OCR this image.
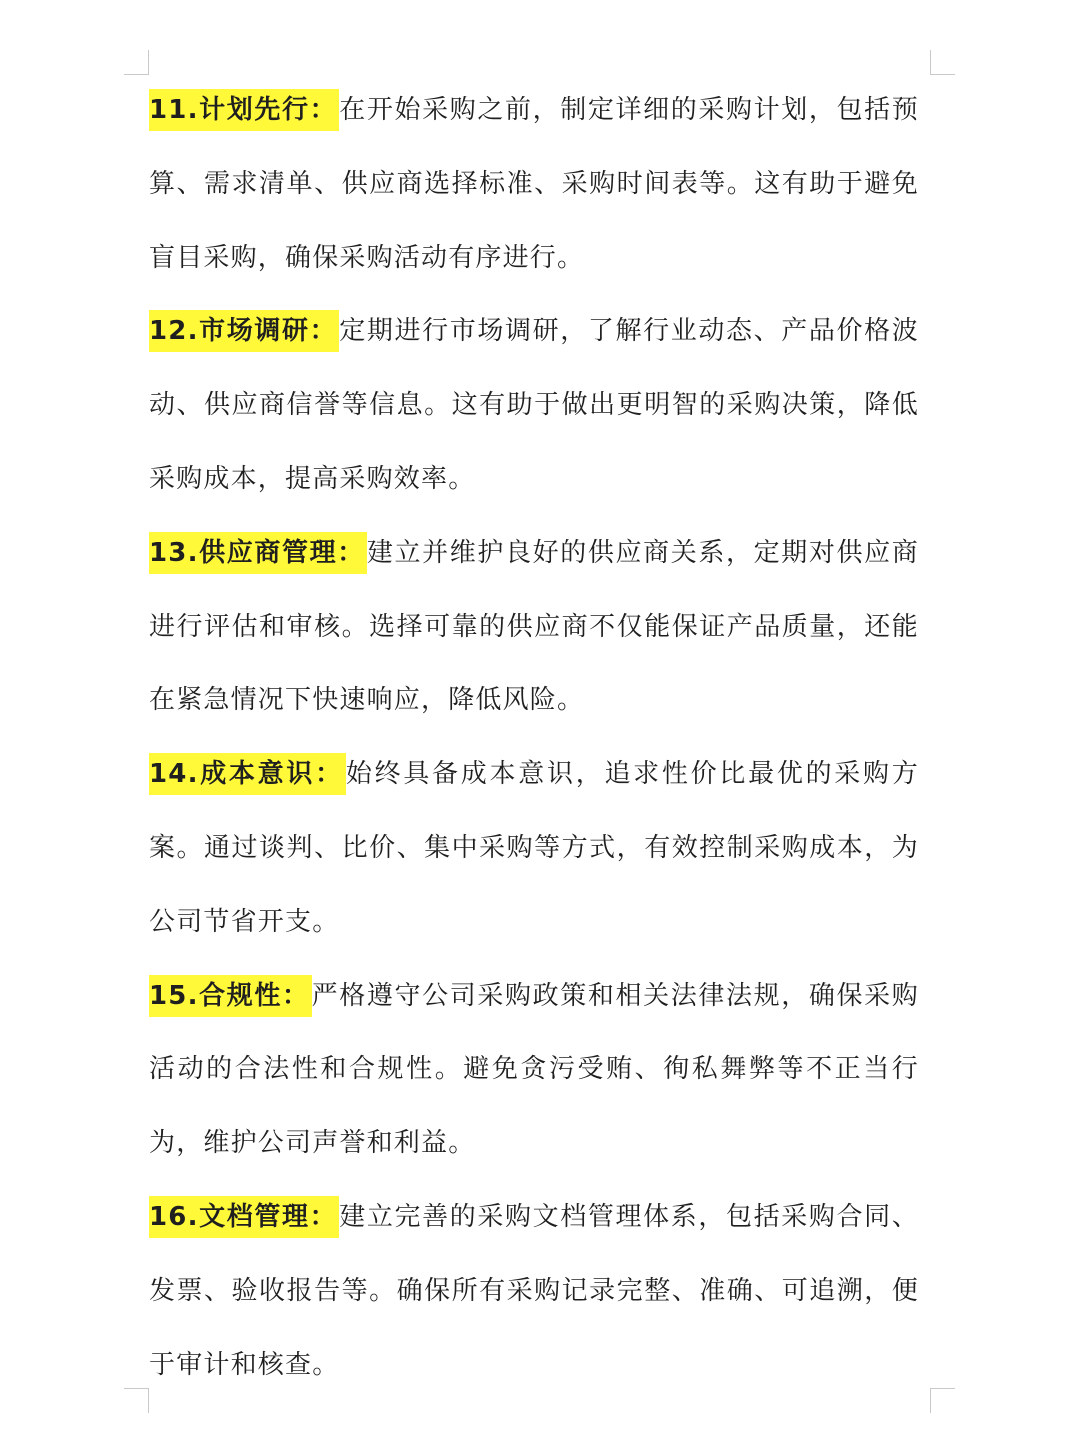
11.计划先行：在开始采购之前，制定详细的采购计划，包括预算、需求清单、供应商选择标准、采购时间表等。这有助于避免盲目采购，确保采购活动有序进行。

12.市场调研：定期进行市场调研，了解行业动态、产品价格波动、供应商信誉等信息。这有助于做出更明智的采购决策，降低采购成本，提高采购效率。

13.供应商管理：建立并维护良好的供应商关系，定期对供应商进行评估和审核。选择可靠的供应商不仅能保证产品质量，还能在紧急情况下快速响应，降低风险。

14.成本意识：始终具备成本意识，追求性价比最优的采购方案。通过谈判、比价、集中采购等方式，有效控制采购成本，为公司节省开支。

15.合规性：严格遵守公司采购政策和相关法律法规，确保采购活动的合法性和合规性。避免贪污受贿、徇私舞弊等不正当行为，维护公司声誉和利益。

16.文档管理：建立完善的采购文档管理体系，包括采购合同、发票、验收报告等。确保所有采购记录完整、准确、可追溯，便于审计和核查。
